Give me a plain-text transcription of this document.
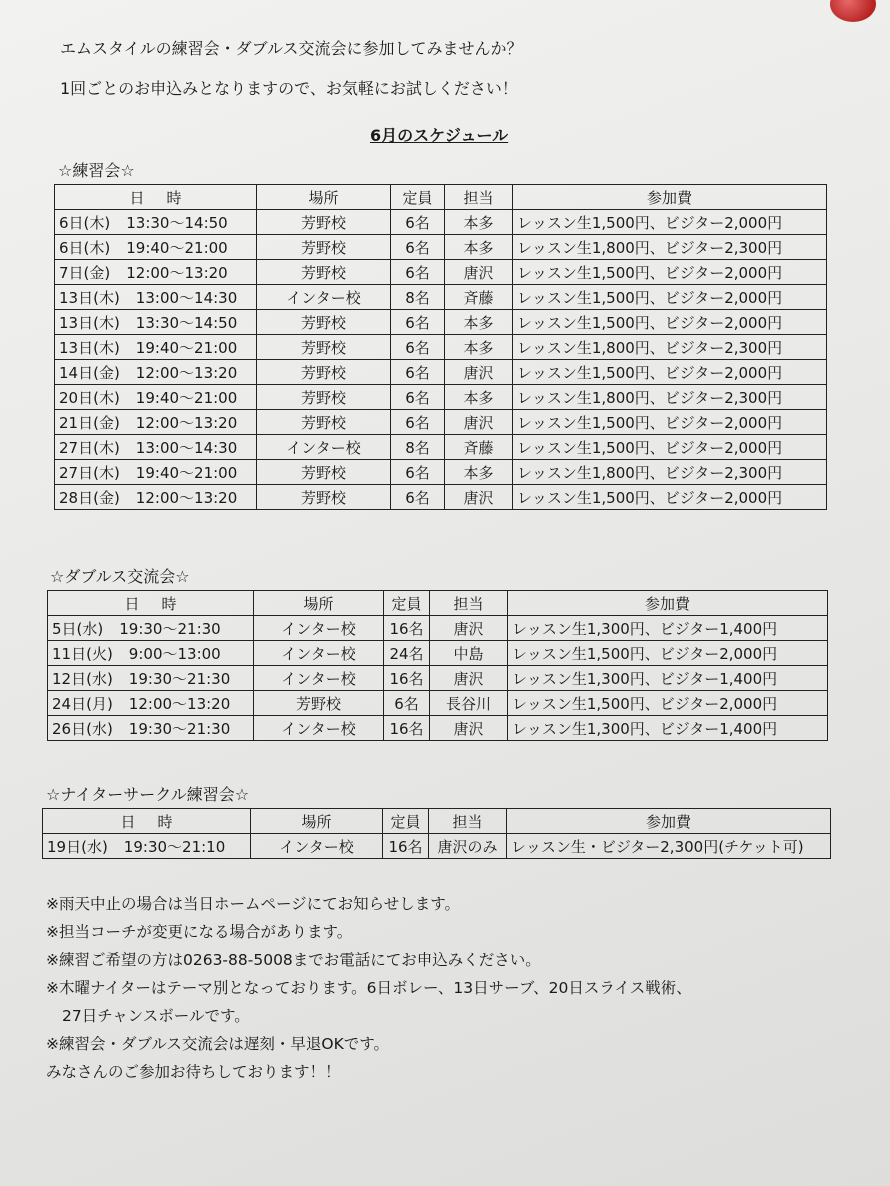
エムスタイルの練習会・ダブルス交流会に参加してみませんか？
1回ごとのお申込みとなりますので、お気軽にお試しください！
6月のスケジュール
☆練習会☆
日 時	場所	定員	担当	参加費
6日(木) 13:30～14:50	芳野校	6名	本多	レッスン生1,500円、ビジター2,000円
6日(木) 19:40～21:00	芳野校	6名	本多	レッスン生1,800円、ビジター2,300円
7日(金) 12:00～13:20	芳野校	6名	唐沢	レッスン生1,500円、ビジター2,000円
13日(木) 13:00～14:30	インター校	8名	斉藤	レッスン生1,500円、ビジター2,000円
13日(木) 13:30～14:50	芳野校	6名	本多	レッスン生1,500円、ビジター2,000円
13日(木) 19:40～21:00	芳野校	6名	本多	レッスン生1,800円、ビジター2,300円
14日(金) 12:00～13:20	芳野校	6名	唐沢	レッスン生1,500円、ビジター2,000円
20日(木) 19:40～21:00	芳野校	6名	本多	レッスン生1,800円、ビジター2,300円
21日(金) 12:00～13:20	芳野校	6名	唐沢	レッスン生1,500円、ビジター2,000円
27日(木) 13:00～14:30	インター校	8名	斉藤	レッスン生1,500円、ビジター2,000円
27日(木) 19:40～21:00	芳野校	6名	本多	レッスン生1,800円、ビジター2,300円
28日(金) 12:00～13:20	芳野校	6名	唐沢	レッスン生1,500円、ビジター2,000円
☆ダブルス交流会☆
日 時	場所	定員	担当	参加費
5日(水) 19:30～21:30	インター校	16名	唐沢	レッスン生1,300円、ビジター1,400円
11日(火) 9:00～13:00	インター校	24名	中島	レッスン生1,500円、ビジター2,000円
12日(水) 19:30～21:30	インター校	16名	唐沢	レッスン生1,300円、ビジター1,400円
24日(月) 12:00～13:20	芳野校	6名	長谷川	レッスン生1,500円、ビジター2,000円
26日(水) 19:30～21:30	インター校	16名	唐沢	レッスン生1,300円、ビジター1,400円
☆ナイターサークル練習会☆
日 時	場所	定員	担当	参加費
19日(水) 19:30～21:10	インター校	16名	唐沢のみ	レッスン生・ビジター2,300円(チケット可)
※雨天中止の場合は当日ホームページにてお知らせします。
※担当コーチが変更になる場合があります。
※練習ご希望の方は0263-88-5008までお電話にてお申込みください。
※木曜ナイターはテーマ別となっております。6日ボレー、13日サーブ、20日スライス戦術、
27日チャンスボールです。
※練習会・ダブルス交流会は遅刻・早退OKです。
みなさんのご参加お待ちしております！！
